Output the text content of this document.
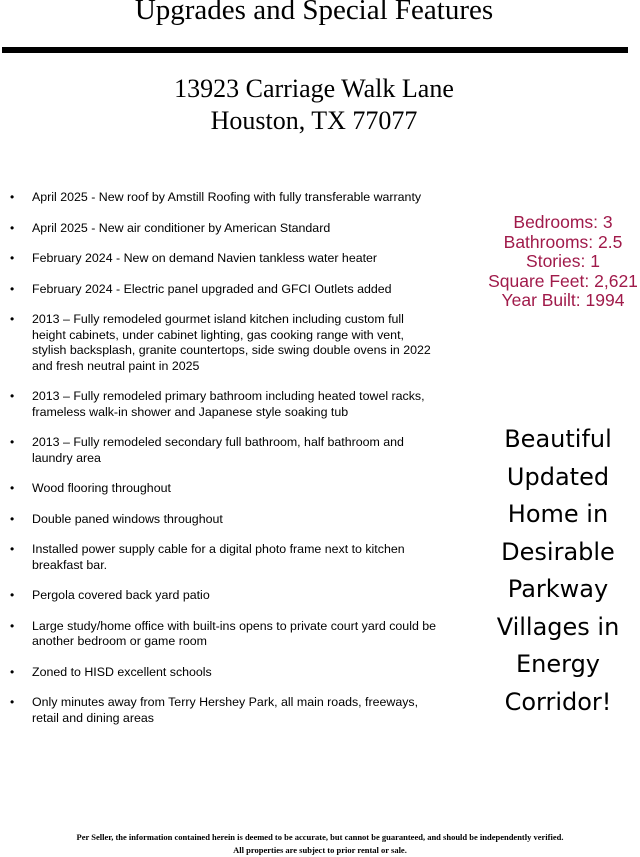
Upgrades and Special Features
13923 Carriage Walk Lane
Houston, TX 77077
• April 2025 - New roof by Amstill Roofing with fully transferable warranty
• April 2025 - New air conditioner by American Standard
• February 2024 - New on demand Navien tankless water heater
• February 2024 - Electric panel upgraded and GFCI Outlets added
• 2013 – Fully remodeled gourmet island kitchen including custom full height cabinets, under cabinet lighting, gas cooking range with vent, stylish backsplash, granite countertops, side swing double ovens in 2022 and fresh neutral paint in 2025
• 2013 – Fully remodeled primary bathroom including heated towel racks, frameless walk-in shower and Japanese style soaking tub
• 2013 – Fully remodeled secondary full bathroom, half bathroom and laundry area
• Wood flooring throughout
• Double paned windows throughout
• Installed power supply cable for a digital photo frame next to kitchen breakfast bar.
• Pergola covered back yard patio
• Large study/home office with built-ins opens to private court yard could be another bedroom or game room
• Zoned to HISD excellent schools
• Only minutes away from Terry Hershey Park, all main roads, freeways, retail and dining areas
Bedrooms: 3
Bathrooms: 2.5
Stories: 1
Square Feet: 2,621
Year Built: 1994
Beautiful
Updated
Home in
Desirable
Parkway
Villages in
Energy
Corridor!
Per Seller, the information contained herein is deemed to be accurate, but cannot be guaranteed, and should be independently verified.
All properties are subject to prior rental or sale.
